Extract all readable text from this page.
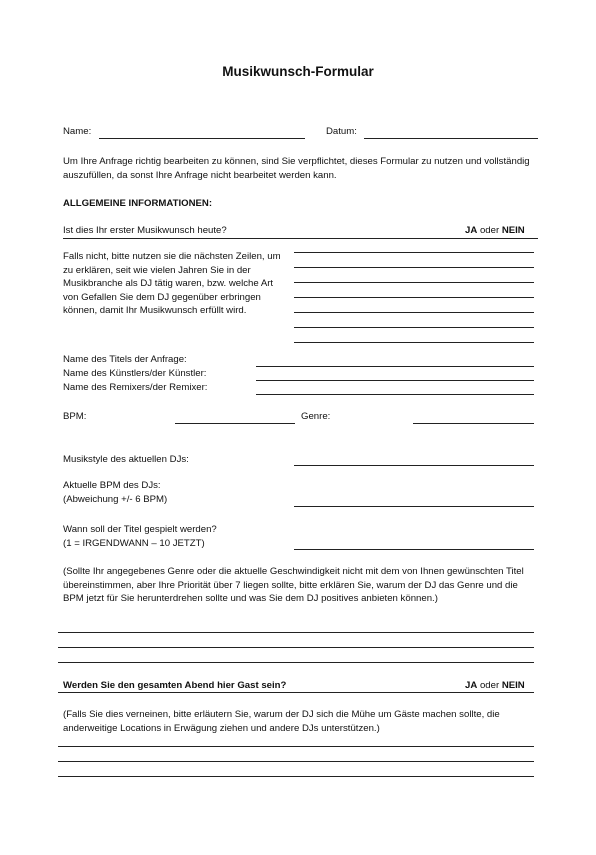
Musikwunsch-Formular
Name:	Datum:
Um Ihre Anfrage richtig bearbeiten zu können, sind Sie verpflichtet, dieses Formular zu nutzen und vollständig auszufüllen, da sonst Ihre Anfrage nicht bearbeitet werden kann.
ALLGEMEINE INFORMATIONEN:
Ist dies Ihr erster Musikwunsch heute?	JA oder NEIN
Falls nicht, bitte nutzen sie die nächsten Zeilen, um zu erklären, seit wie vielen Jahren Sie in der Musikbranche als DJ tätig waren, bzw. welche Art von Gefallen Sie dem DJ gegenüber erbringen können, damit Ihr Musikwunsch erfüllt wird.
Name des Titels der Anfrage:
Name des Künstlers/der Künstler:
Name des Remixers/der Remixer:
BPM:	Genre:
Musikstyle des aktuellen DJs:
Aktuelle BPM des DJs:
(Abweichung +/- 6 BPM)
Wann soll der Titel gespielt werden?
(1 = IRGENDWANN – 10 JETZT)
(Sollte Ihr angegebenes Genre oder die aktuelle Geschwindigkeit nicht mit dem von Ihnen gewünschten Titel übereinstimmen, aber Ihre Priorität über 7 liegen sollte, bitte erklären Sie, warum der DJ das Genre und die BPM jetzt für Sie herunterdrehen sollte und was Sie dem DJ positives anbieten können.)
Werden Sie den gesamten Abend hier Gast sein?	JA oder NEIN
(Falls Sie dies verneinen, bitte erläutern Sie, warum der DJ sich die Mühe um Gäste machen sollte, die anderweitige Locations in Erwägung ziehen und andere DJs unterstützen.)
